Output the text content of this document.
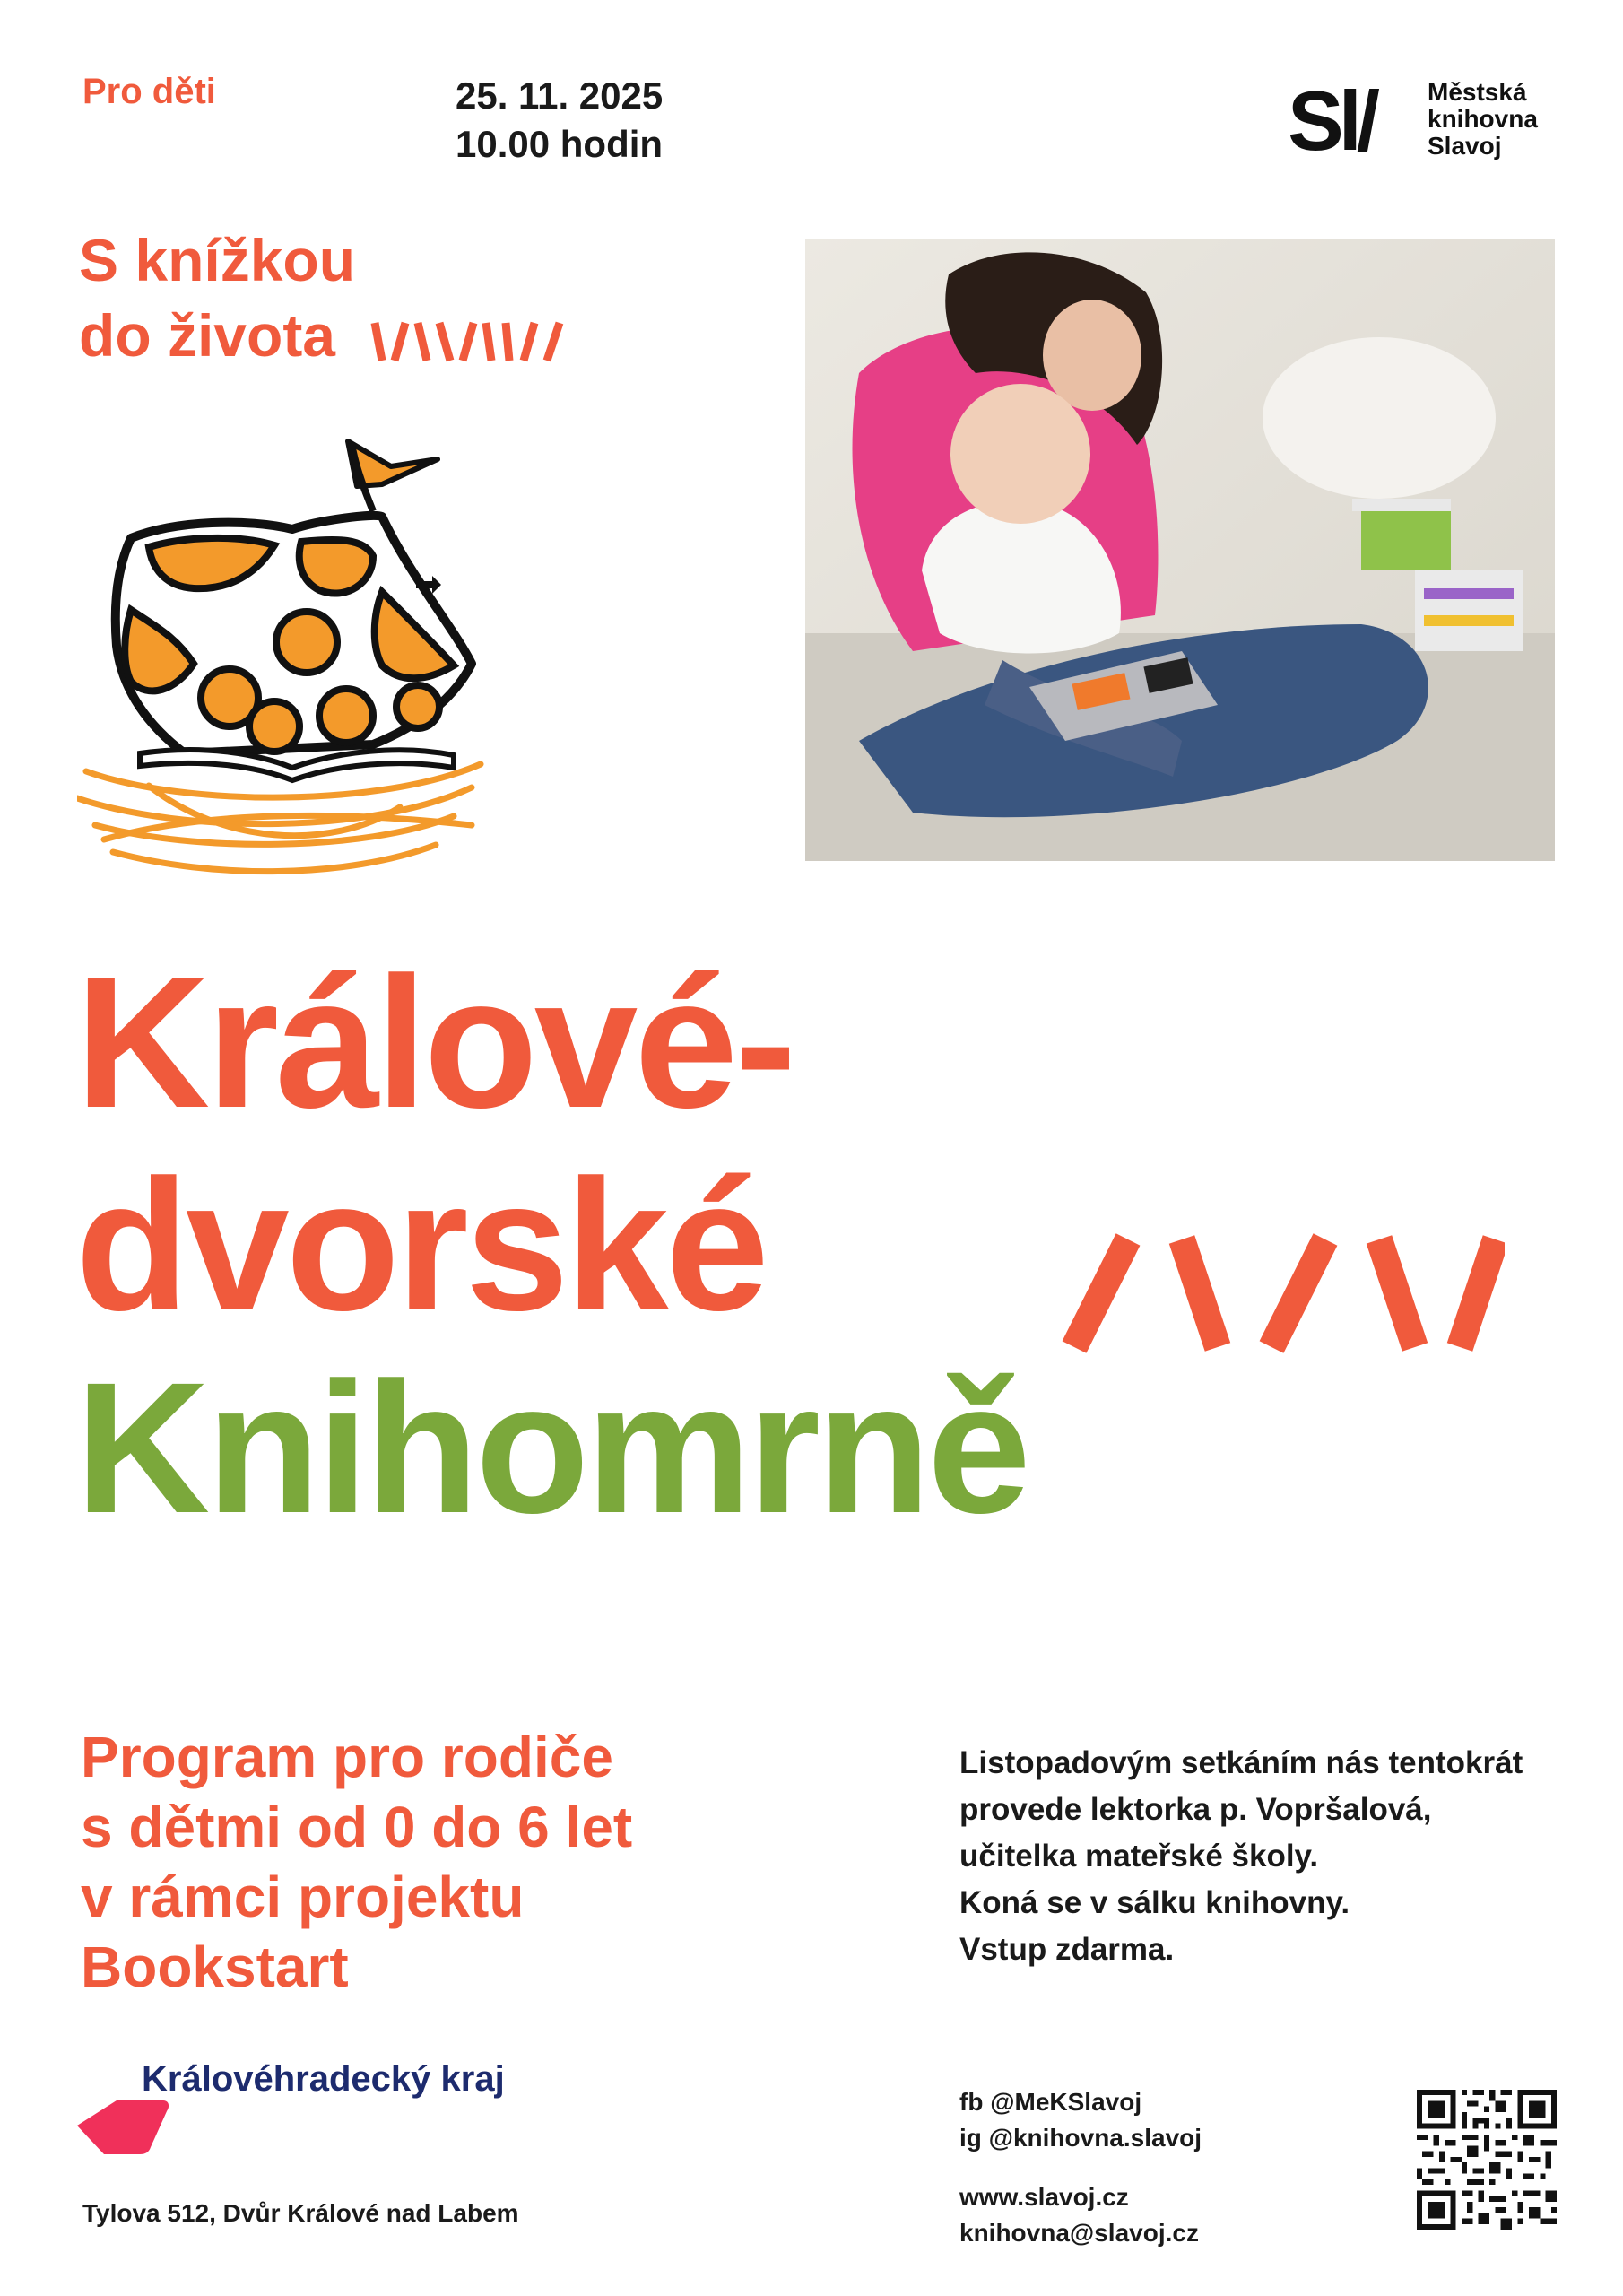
Pro děti	25. 11. 2025
10.00 hodin	Sl/ Městská
knihovna
Slavoj
S knížkou
do života
Králové-
dvorské
Knihomrně
Program pro rodiče
s dětmi od 0 do 6 let
v rámci projektu
Bookstart
Listopadovým setkáním nás tentokrát
provede lektorka p. Vopršalová,
učitelka mateřské školy.
Koná se v sálku knihovny.
Vstup zdarma.
Královéhradecký kraj
Tylova 512, Dvůr Králové nad Labem
fb @MeKSlavoj
ig @knihovna.slavoj
www.slavoj.cz
knihovna@slavoj.cz
